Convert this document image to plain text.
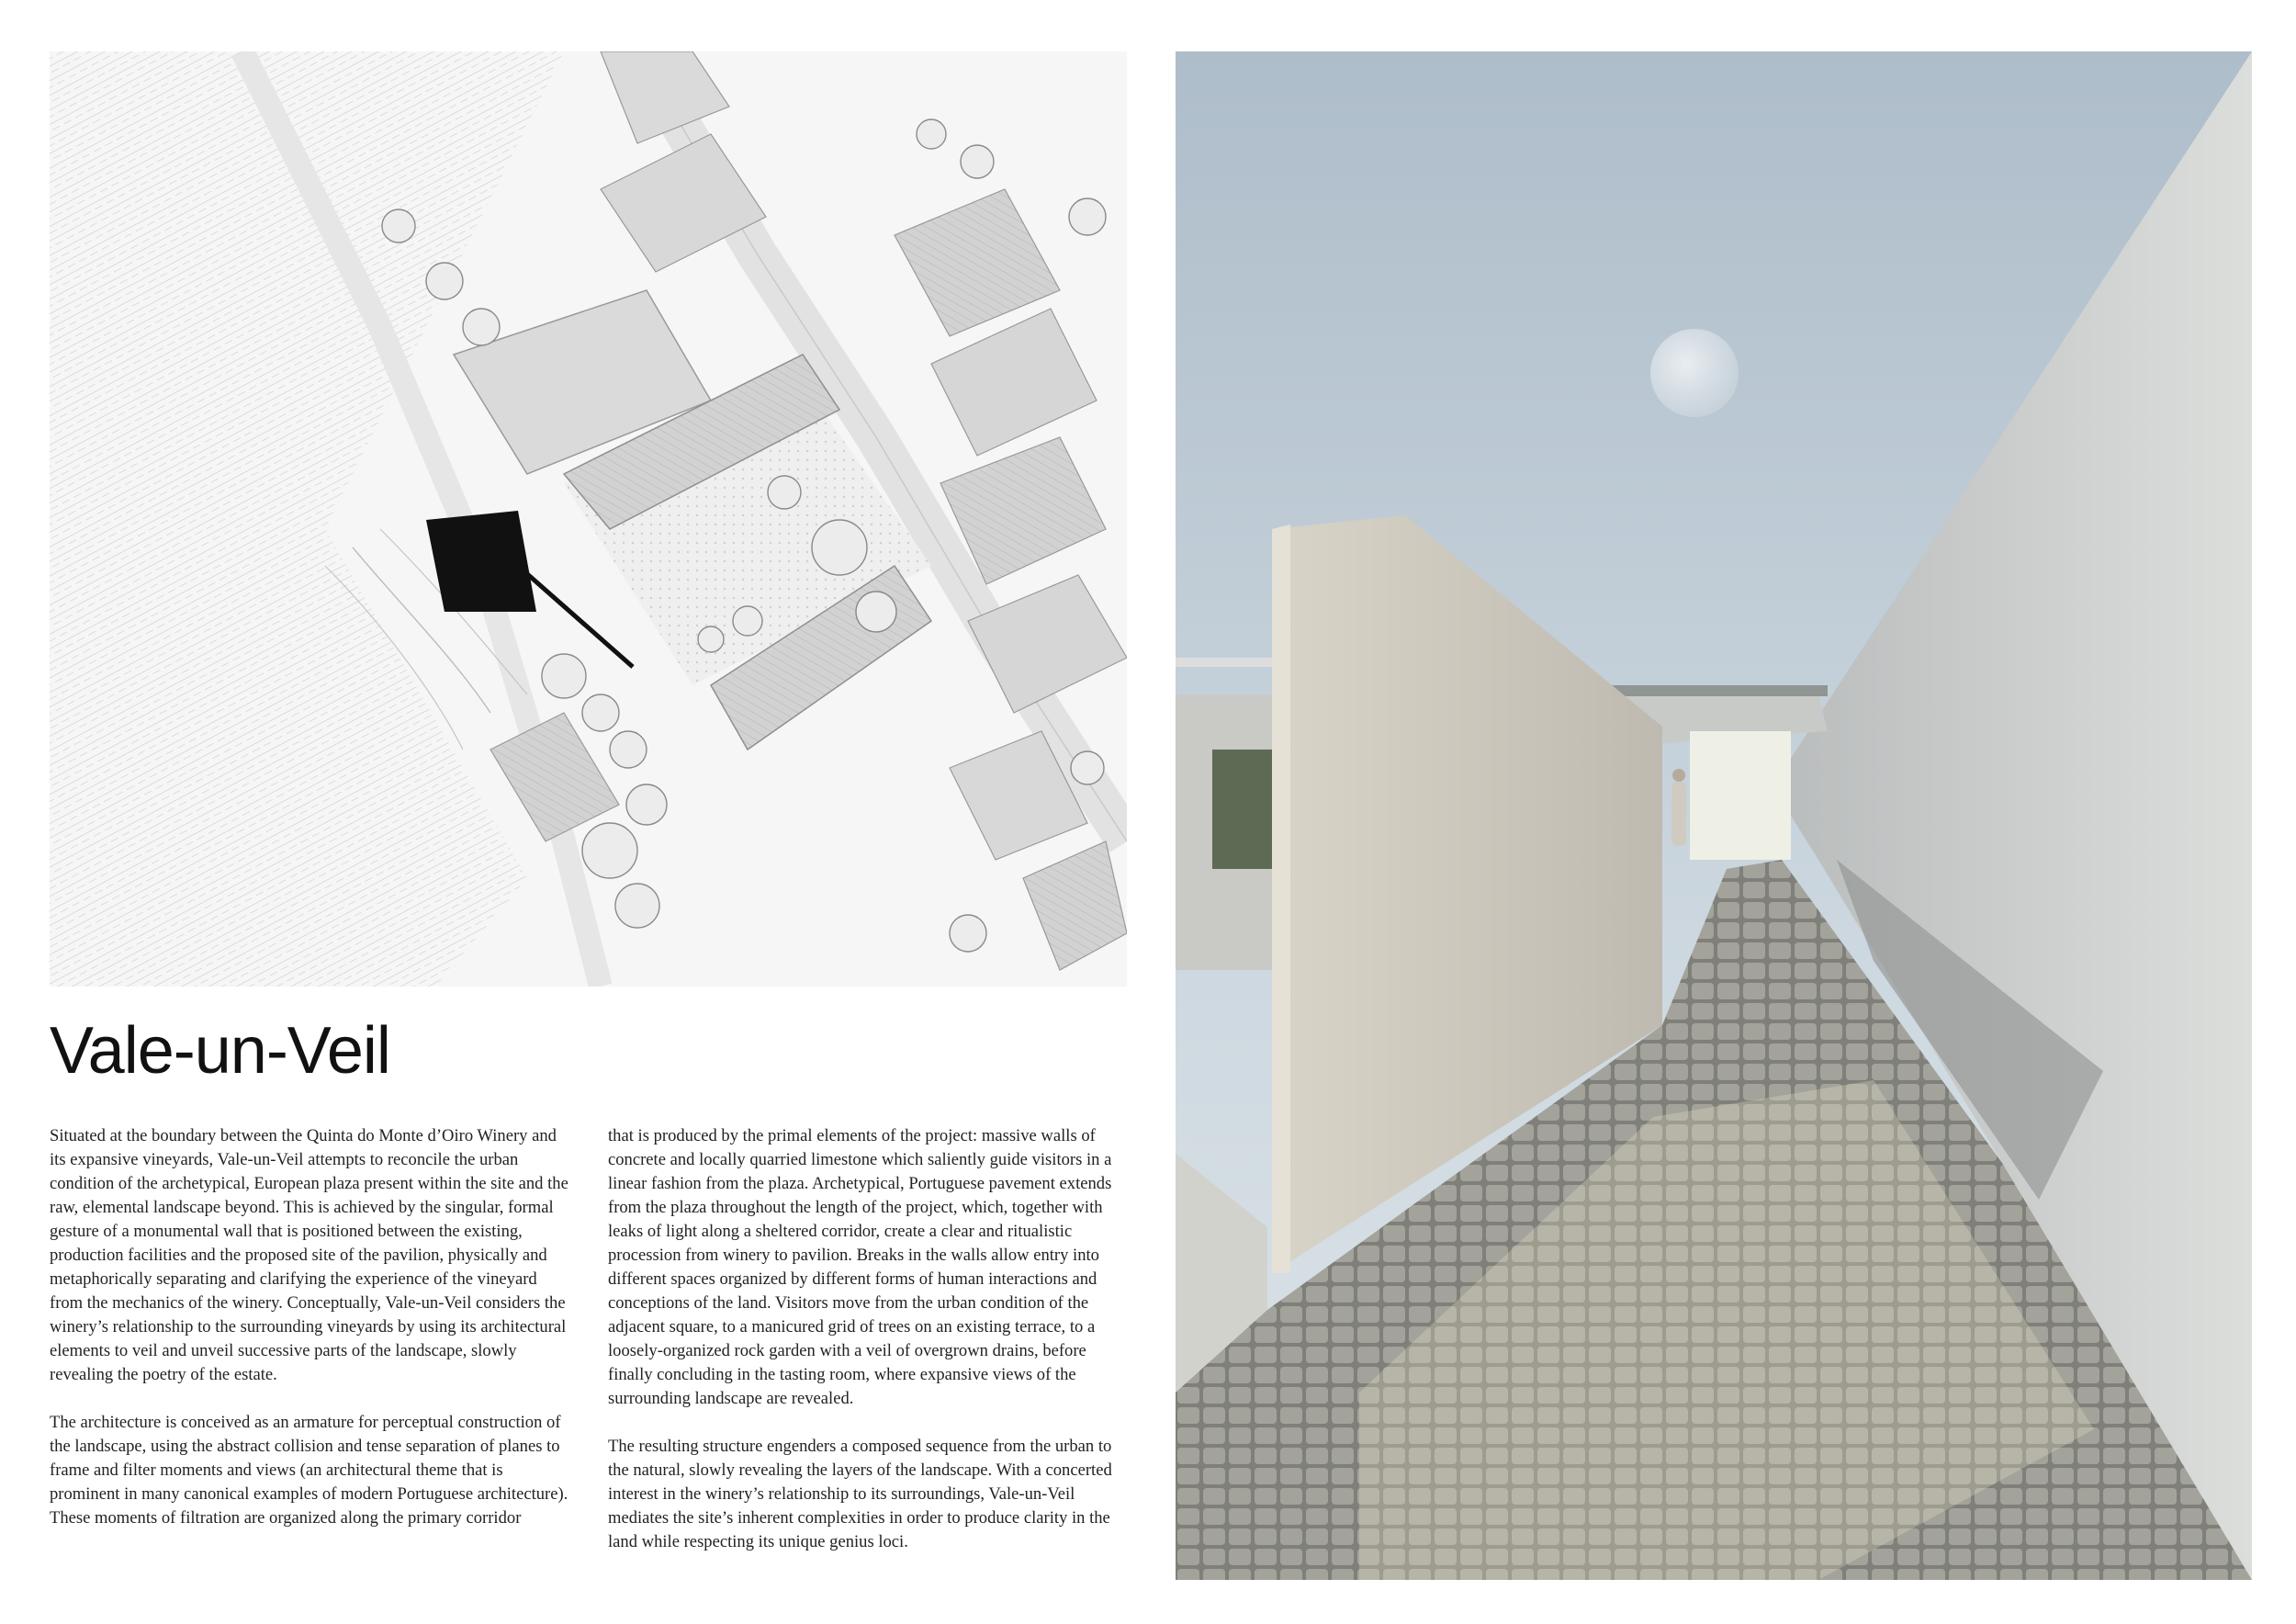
Vale-un-Veil

Situated at the boundary between the Quinta do Monte d’Oiro Winery and its expansive vineyards, Vale-un-Veil attempts to reconcile the urban condition of the archetypical, European plaza present within the site and the raw, elemental landscape beyond. This is achieved by the singular, formal gesture of a monumental wall that is positioned between the existing, production facilities and the proposed site of the pavilion, physically and metaphorically separating and clarifying the experience of the vineyard from the mechanics of the winery. Conceptually, Vale-un-Veil considers the winery’s relationship to the surrounding vineyards by using its architectural elements to veil and unveil successive parts of the landscape, slowly revealing the poetry of the estate.

The architecture is conceived as an armature for perceptual construction of the landscape, using the abstract collision and tense separation of planes to frame and filter moments and views (an architectural theme that is prominent in many canonical examples of modern Portuguese architecture). These moments of filtration are organized along the primary corridor

that is produced by the primal elements of the project: massive walls of concrete and locally quarried limestone which saliently guide visitors in a linear fashion from the plaza. Archetypical, Portuguese pavement extends from the plaza throughout the length of the project, which, together with leaks of light along a sheltered corridor, create a clear and ritualistic procession from winery to pavilion. Breaks in the walls allow entry into different spaces organized by different forms of human interactions and conceptions of the land. Visitors move from the urban condition of the adjacent square, to a manicured grid of trees on an existing terrace, to a loosely-organized rock garden with a veil of overgrown drains, before finally concluding in the tasting room, where expansive views of the surrounding landscape are revealed.

The resulting structure engenders a composed sequence from the urban to the natural, slowly revealing the layers of the landscape. With a concerted interest in the winery’s relationship to its surroundings, Vale-un-Veil mediates the site’s inherent complexities in order to produce clarity in the land while respecting its unique genius loci.
